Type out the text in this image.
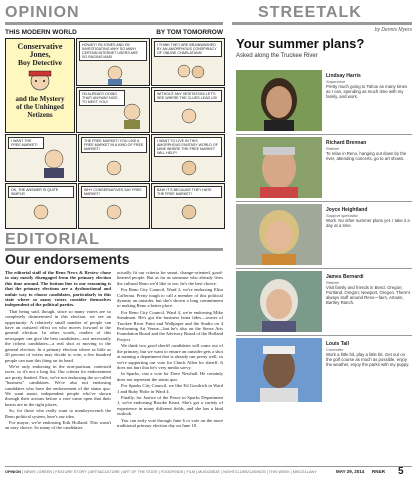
OPINION	STREETALK
THIS MODERN WORLD	BY TOM TOMORROW
Conservative
Jones,
Boy Detective
and the Mystery
of the Unhinged
Netizens
HOWDY! I'M JONES AND I'M INVESTIGATING WHY SO MANY CERTAIN INTERNET USERS ARE SO RAGING MAD!
I THINK THEY ARE BRAINWASHED BY AN AMORPHOUS CONSPIRACY OF ONLINE CHARLATANS!
I'M ALREADY DOING THAT! ANYWAY NICE TO MEET YOU!
WITHOUT ANY HESITATION! LET'S SEE WHERE THE CLUES LEAD US!
I WANT THE FREE MARKET!
THE FREE MARKET! YOU LIKE A FREE MARKET IN A KIND OF FREE MARKET!
I WANT TO LIVE IN THIS AMORPHOUS FANTASY WORLD OF MINE WHERE THE FREE MARKET WILL HELP!
OK, THE ANSWER IS QUITE SIMPLE!
WHY CONSERVATIVES SAY FREE MARKET!
BAH! IT'S BECAUSE THEY HATE THE FREE MARKET!
EDITORIAL
Our endorsements

The editorial staff of the Reno News & Review chose to stay mostly disengaged from the primary election this time around. The bottom line to our reasoning is that the primary elections are a dysfunctional and unfair way to choose candidates, particularly in this state where so many voters consider themselves independent of the political parties.

That being said, though, since so many voters are so completely disinterested in this election, we see an opportunity: A relatively small number of people can have an outsized effect on who moves forward to the general election. In other words, readers of this newspaper can give the best candidates—not necessarily the richest candidates—a real shot at moving to the general election. In a primary election where as little as 20 percent of voters may decide to vote, a few hundred people can turn this thing on its head.

We're only endorsing in the non-partisan, contested races, so it's not a long list. Our criteria for endorsement are pretty limited. First, we're not endorsing the so-called "business" candidates. We're also not endorsing candidates who have the endorsement of the status quo. We want smart, independent people who've shown through their actions before a vote came open that their hearts are in the right places.

So, for those who really want to monkeywrench the Reno political system, here's our idea.

For mayor, we're endorsing Erik Holland. This wasn't an easy choice. So many of the candidates

actually fit our criteria for smart, change-oriented, good-hearted people. But as far as someone who already lives the cultural Reno we'd like to see, he's the best choice.

For Reno City Council, Ward 2, we're endorsing Elisa Cafferata. Pretty tough to call a member of this political dynasty an outsider, but she's shown a long commitment to making Reno a better place.

For Reno City Council, Ward 4, we're endorsing Mike Steadman. He's got the business bona fides—owner of Truckee River Paint and Wallpaper and the Studio on 4 Performing Art Venue—but he's also on the Sierra Arts Foundation Board and the Advisory Board of the Holland Project.

We think two good sheriff candidates will come out of the primary, but we want to ensure an outsider gets a shot at running a department that is already run pretty well, so we're supporting our vote for Chuck Allen for sheriff. It does not hurt that he's very media savvy.

In Sparks, cast a vote for Dave Newhall. He certainly does not represent the status quo.

For Sparks City Council, we like Ed Goodrich in Ward 1 and Ruby Holie in Ward 4.

Finally, for Justice of the Peace in Sparks Department 1, we're endorsing Brooke Keast. She's got a variety of experience in many different fields, and she has a kind outlook.

You can early vote through June 6 or vote on the more traditional primary election day on June 10.

by Dennis Myers
Your summer plans?
Asked along the Truckee River
Lindsay Harris
Supervisor
Pretty much going to Tahoe as many times as I can, spending as much time with my family, and work.
Richard Brennan
Retiree
To relax in Reno, hanging out down by the river, attending concerts, go to art shows.
Joyce Heightland
Support specialist
Work. No other summer plans yet. I take it a day at a time.
James Bernardi
Retiree
Visit family and friends in Bend, Oregon; Portland, Oregon; Newport, Oregon. There's always stuff around Reno—fairs, Artown, Bartley Ranch.
Louis Tall
Controller
Work a little bit, play a little bit. Get out on the golf course as much as possible, enjoy the weather, enjoy the parks with my puppy.
OPINION | NEWS | GREEN | FEATURE STORY | ARTS&CULTURE | ART OF THE STATE | FOODFINDS | FILM | MUSICBEAT | NIGHTCLUBS/CASINOS | THIS WEEK | MISCELLANY	MAY 29, 2014 RN&R 5
